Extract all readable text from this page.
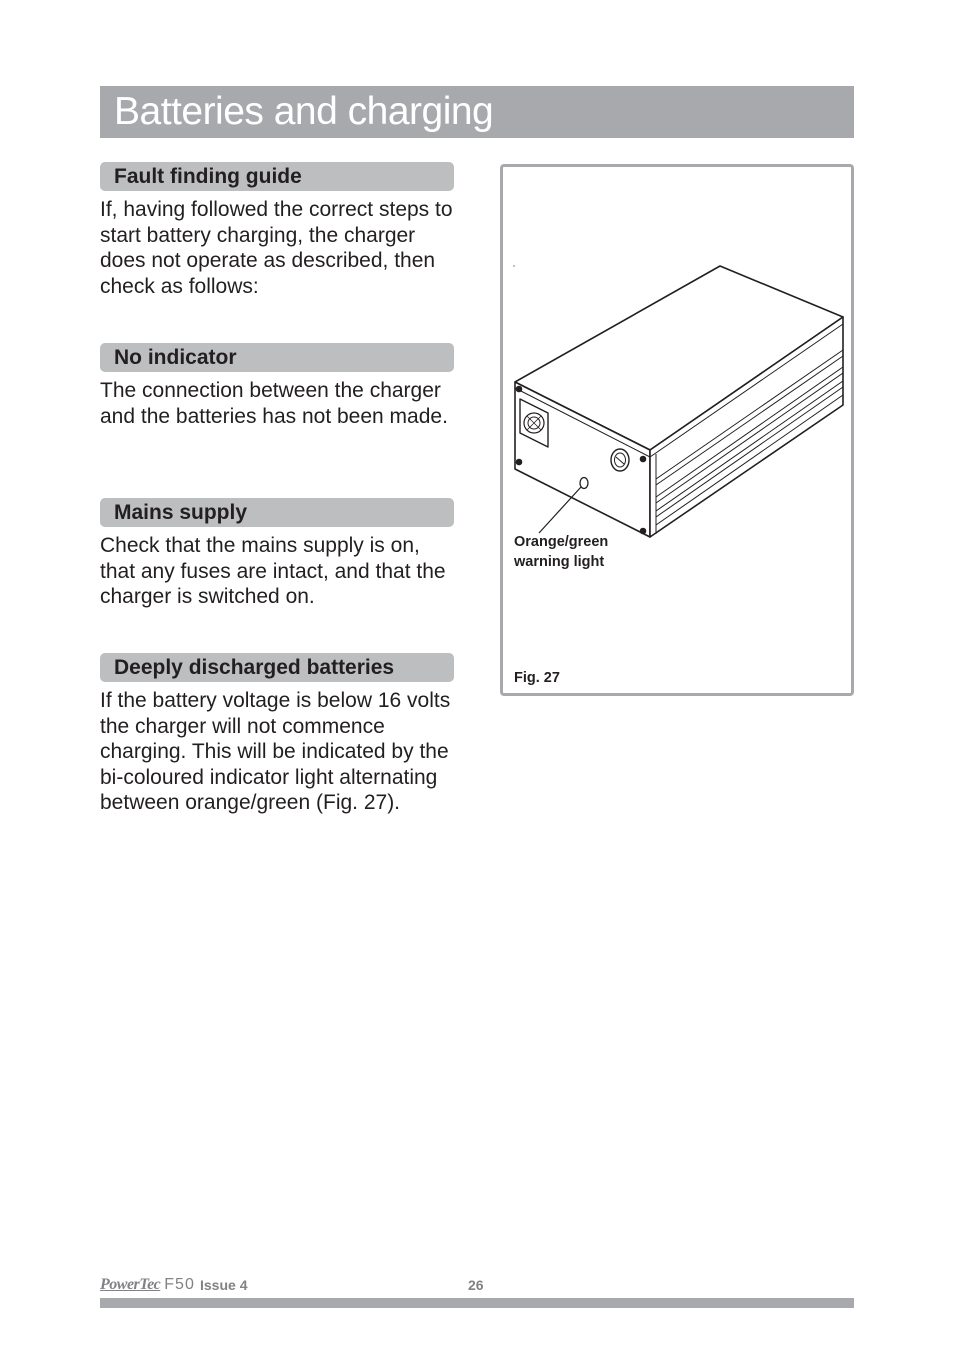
Batteries and charging
Fault finding guide

If, having followed the correct steps to start battery charging, the charger does not operate as described, then check as follows:

No indicator

The connection between the charger and the batteries has not been made.

Mains supply

Check that the mains supply is on, that any fuses are intact, and that the charger is switched on.

Deeply discharged batteries

If the battery voltage is below 16 volts the charger will not commence charging. This will be indicated by the bi-coloured indicator light alternating between orange/green (Fig. 27).

Orange/green warning light
Fig. 27
PowerTec F50 Issue 4	26
